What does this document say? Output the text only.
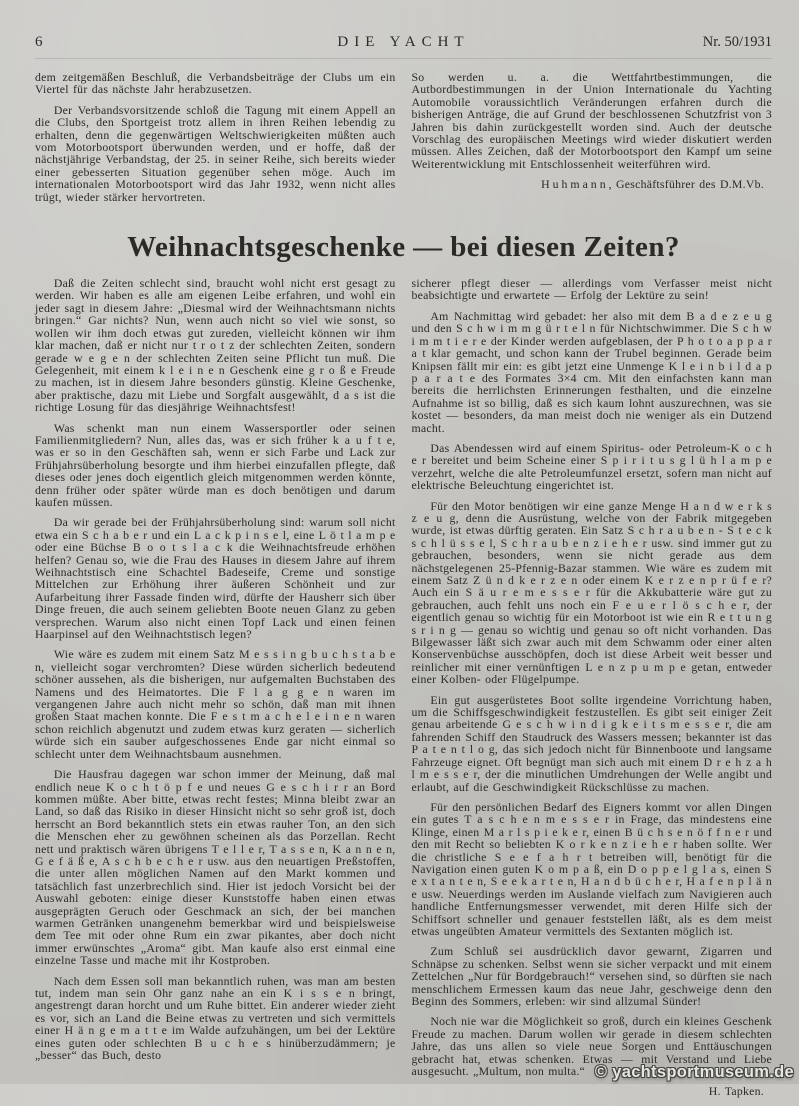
6	DIE YACHT	Nr. 50/1931

dem zeitgemäßen Beschluß, die Verbandsbeiträge der Clubs um ein Viertel für das nächste Jahr herabzusetzen.

Der Verbandsvorsitzende schloß die Tagung mit einem Appell an die Clubs, den Sportgeist trotz allem in ihren Reihen lebendig zu erhalten, denn die gegenwärtigen Weltschwierigkeiten müßten auch vom Motorbootsport überwunden werden, und er hoffe, daß der nächstjährige Verbandstag, der 25. in seiner Reihe, sich bereits wieder einer gebesserten Situation gegenüber sehen möge. Auch im internationalen Motorbootsport wird das Jahr 1932, wenn nicht alles trügt, wieder stärker hervortreten.

So werden u. a. die Wettfahrtbestimmungen, die Autbordbestimmungen in der Union Internationale du Yachting Automobile voraussichtlich Veränderungen erfahren durch die bisherigen Anträge, die auf Grund der beschlossenen Schutzfrist von 3 Jahren bis dahin zurückgestellt worden sind. Auch der deutsche Vorschlag des europäischen Meetings wird wieder diskutiert werden müssen. Alles Zeichen, daß der Motorbootsport den Kampf um seine Weiterentwicklung mit Entschlossenheit weiterführen wird.

Huhmann, Geschäftsführer des D.M.Vb.

Weihnachtsgeschenke — bei diesen Zeiten?

Daß die Zeiten schlecht sind, braucht wohl nicht erst gesagt zu werden. Wir haben es alle am eigenen Leibe erfahren, und wohl ein jeder sagt in diesem Jahre: „Diesmal wird der Weihnachtsmann nichts bringen.“ Gar nichts? Nun, wenn auch nicht so viel wie sonst, so wollen wir ihm doch etwas gut zureden, vielleicht können wir ihm klar machen, daß er nicht nur t r o t z der schlechten Zeiten, sondern gerade w e g e n der schlechten Zeiten seine Pflicht tun muß. Die Gelegenheit, mit einem k l e i n e n Geschenk eine g r o ß e Freude zu machen, ist in diesem Jahre besonders günstig. Kleine Geschenke, aber praktische, dazu mit Liebe und Sorgfalt ausgewählt, d a s ist die richtige Losung für das diesjährige Weihnachtsfest!

Was schenkt man nun einem Wassersportler oder seinen Familienmitgliedern? Nun, alles das, was er sich früher k a u f t e, was er so in den Geschäften sah, wenn er sich Farbe und Lack zur Frühjahrsüberholung besorgte und ihm hierbei einzufallen pflegte, daß dieses oder jenes doch eigentlich gleich mitgenommen werden könnte, denn früher oder später würde man es doch benötigen und darum kaufen müssen.

Da wir gerade bei der Frühjahrsüberholung sind: warum soll nicht etwa ein S c h a b e r und ein L a c k p i n s e l, eine L ö t l a m p e oder eine Büchse B o o t s l a c k die Weihnachtsfreude erhöhen helfen? Genau so, wie die Frau des Hauses in diesem Jahre auf ihrem Weihnachtstisch eine Schachtel Badeseife, Creme und sonstige Mittelchen zur Erhöhung ihrer äußeren Schönheit und zur Aufarbeitung ihrer Fassade finden wird, dürfte der Hausherr sich über Dinge freuen, die auch seinem geliebten Boote neuen Glanz zu geben versprechen. Warum also nicht einen Topf Lack und einen feinen Haarpinsel auf den Weihnachtstisch legen?

Wie wäre es zudem mit einem Satz M e s s i n g b u c h s t a b e n, vielleicht sogar verchromten? Diese würden sicherlich bedeutend schöner aussehen, als die bisherigen, nur aufgemalten Buchstaben des Namens und des Heimatortes. Die F l a g g e n waren im vergangenen Jahre auch nicht mehr so schön, daß man mit ihnen großen Staat machen konnte. Die F e s t m a c h e l e i n e n waren schon reichlich abgenutzt und zudem etwas kurz geraten — sicherlich würde sich ein sauber aufgeschossenes Ende gar nicht einmal so schlecht unter dem Weihnachtsbaum ausnehmen.

Die Hausfrau dagegen war schon immer der Meinung, daß mal endlich neue K o c h t ö p f e und neues G e s c h i r r an Bord kommen müßte. Aber bitte, etwas recht festes; Minna bleibt zwar an Land, so daß das Risiko in dieser Hinsicht nicht so sehr groß ist, doch herrscht an Bord bekanntlich stets ein etwas rauher Ton, an den sich die Menschen eher zu gewöhnen scheinen als das Porzellan. Recht nett und praktisch wären übrigens T e l l e r, T a s s e n, K a n n e n, G e f ä ß e, A s c h b e c h e r usw. aus den neuartigen Preßstoffen, die unter allen möglichen Namen auf den Markt kommen und tatsächlich fast unzerbrechlich sind. Hier ist jedoch Vorsicht bei der Auswahl geboten: einige dieser Kunststoffe haben einen etwas ausgeprägten Geruch oder Geschmack an sich, der bei manchen warmen Getränken unangenehm bemerkbar wird und beispielsweise dem Tee mit oder ohne Rum ein zwar pikantes, aber doch nicht immer erwünschtes „Aroma“ gibt. Man kaufe also erst einmal eine einzelne Tasse und mache mit ihr Kostproben.

Nach dem Essen soll man bekanntlich ruhen, was man am besten tut, indem man sein Ohr ganz nahe an ein K i s s e n bringt, angestrengt daran horcht und um Ruhe bittet. Ein anderer wieder zieht es vor, sich an Land die Beine etwas zu vertreten und sich vermittels einer H ä n g e m a t t e im Walde aufzuhängen, um bei der Lektüre eines guten oder schlechten B u c h e s hinüberzudämmern; je „besser“ das Buch, desto

sicherer pflegt dieser — allerdings vom Verfasser meist nicht beabsichtigte und erwartete — Erfolg der Lektüre zu sein!

Am Nachmittag wird gebadet: her also mit dem B a d e z e u g und den S c h w i m m g ü r t e l n für Nichtschwimmer. Die S c h w i m m t i e r e der Kinder werden aufgeblasen, der P h o t o a p p a r a t klar gemacht, und schon kann der Trubel beginnen. Gerade beim Knipsen fällt mir ein: es gibt jetzt eine Unmenge K l e i n b i l d a p p a r a t e des Formates 3×4 cm. Mit den einfachsten kann man bereits die herrlichsten Erinnerungen festhalten, und die einzelne Aufnahme ist so billig, daß es sich kaum lohnt auszurechnen, was sie kostet — besonders, da man meist doch nie weniger als ein Dutzend macht.

Das Abendessen wird auf einem Spiritus- oder Petroleum-K o c h e r bereitet und beim Scheine einer S p i r i t u s g l ü h l a m p e verzehrt, welche die alte Petroleumfunzel ersetzt, sofern man nicht auf elektrische Beleuchtung eingerichtet ist.

Für den Motor benötigen wir eine ganze Menge H a n d w e r k s z e u g, denn die Ausrüstung, welche von der Fabrik mitgegeben wurde, ist etwas dürftig geraten. Ein Satz S c h r a u b e n - S t e c k s c h l ü s s e l, S c h r a u b e n z i e h e r usw. sind immer gut zu gebrauchen, besonders, wenn sie nicht gerade aus dem nächstgelegenen 25-Pfennig-Bazar stammen. Wie wäre es zudem mit einem Satz Z ü n d k e r z e n oder einem K e r z e n p r ü f e r? Auch ein S ä u r e m e s s e r für die Akkubatterie wäre gut zu gebrauchen, auch fehlt uns noch ein F e u e r l ö s c h e r, der eigentlich genau so wichtig für ein Motorboot ist wie ein R e t t u n g s r i n g — genau so wichtig und genau so oft nicht vorhanden. Das Bilgewasser läßt sich zwar auch mit dem Schwamm oder einer alten Konservenbüchse ausschöpfen, doch ist diese Arbeit weit besser und reinlicher mit einer vernünftigen L e n z p u m p e getan, entweder einer Kolben- oder Flügelpumpe.

Ein gut ausgerüstetes Boot sollte irgendeine Vorrichtung haben, um die Schiffsgeschwindigkeit festzustellen. Es gibt seit einiger Zeit genau arbeitende G e s c h w i n d i g k e i t s m e s s e r, die am fahrenden Schiff den Staudruck des Wassers messen; bekannter ist das P a t e n t l o g, das sich jedoch nicht für Binnenboote und langsame Fahrzeuge eignet. Oft begnügt man sich auch mit einem D r e h z a h l m e s s e r, der die minutlichen Umdrehungen der Welle angibt und erlaubt, auf die Geschwindigkeit Rückschlüsse zu machen.

Für den persönlichen Bedarf des Eigners kommt vor allen Dingen ein gutes T a s c h e n m e s s e r in Frage, das mindestens eine Klinge, einen M a r l s p i e k e r, einen B ü c h s e n ö f f n e r und den mit Recht so beliebten K o r k e n z i e h e r haben sollte. Wer die christliche S e e f a h r t betreiben will, benötigt für die Navigation einen guten K o m p a ß, ein D o p p e l g l a s, einen S e x t a n t e n, S e e k a r t e n, H a n d b ü c h e r, H a f e n p l ä n e usw. Neuerdings werden im Auslande vielfach zum Navigieren auch handliche Entfernungsmesser verwendet, mit deren Hilfe sich der Schiffsort schneller und genauer feststellen läßt, als es dem meist etwas ungeübten Amateur vermittels des Sextanten möglich ist.

Zum Schluß sei ausdrücklich davor gewarnt, Zigarren und Schnäpse zu schenken. Selbst wenn sie sicher verpackt und mit einem Zettelchen „Nur für Bordgebrauch!“ versehen sind, so dürften sie nach menschlichem Ermessen kaum das neue Jahr, geschweige denn den Beginn des Sommers, erleben: wir sind allzumal Sünder!

Noch nie war die Möglichkeit so groß, durch ein kleines Geschenk Freude zu machen. Darum wollen wir gerade in diesem schlechten Jahre, das uns allen so viele neue Sorgen und Enttäuschungen gebracht hat, etwas schenken. Etwas — mit Verstand und Liebe ausgesucht. „Multum, non multa.“

H. Tapken.

© yachtsportmuseum.de
